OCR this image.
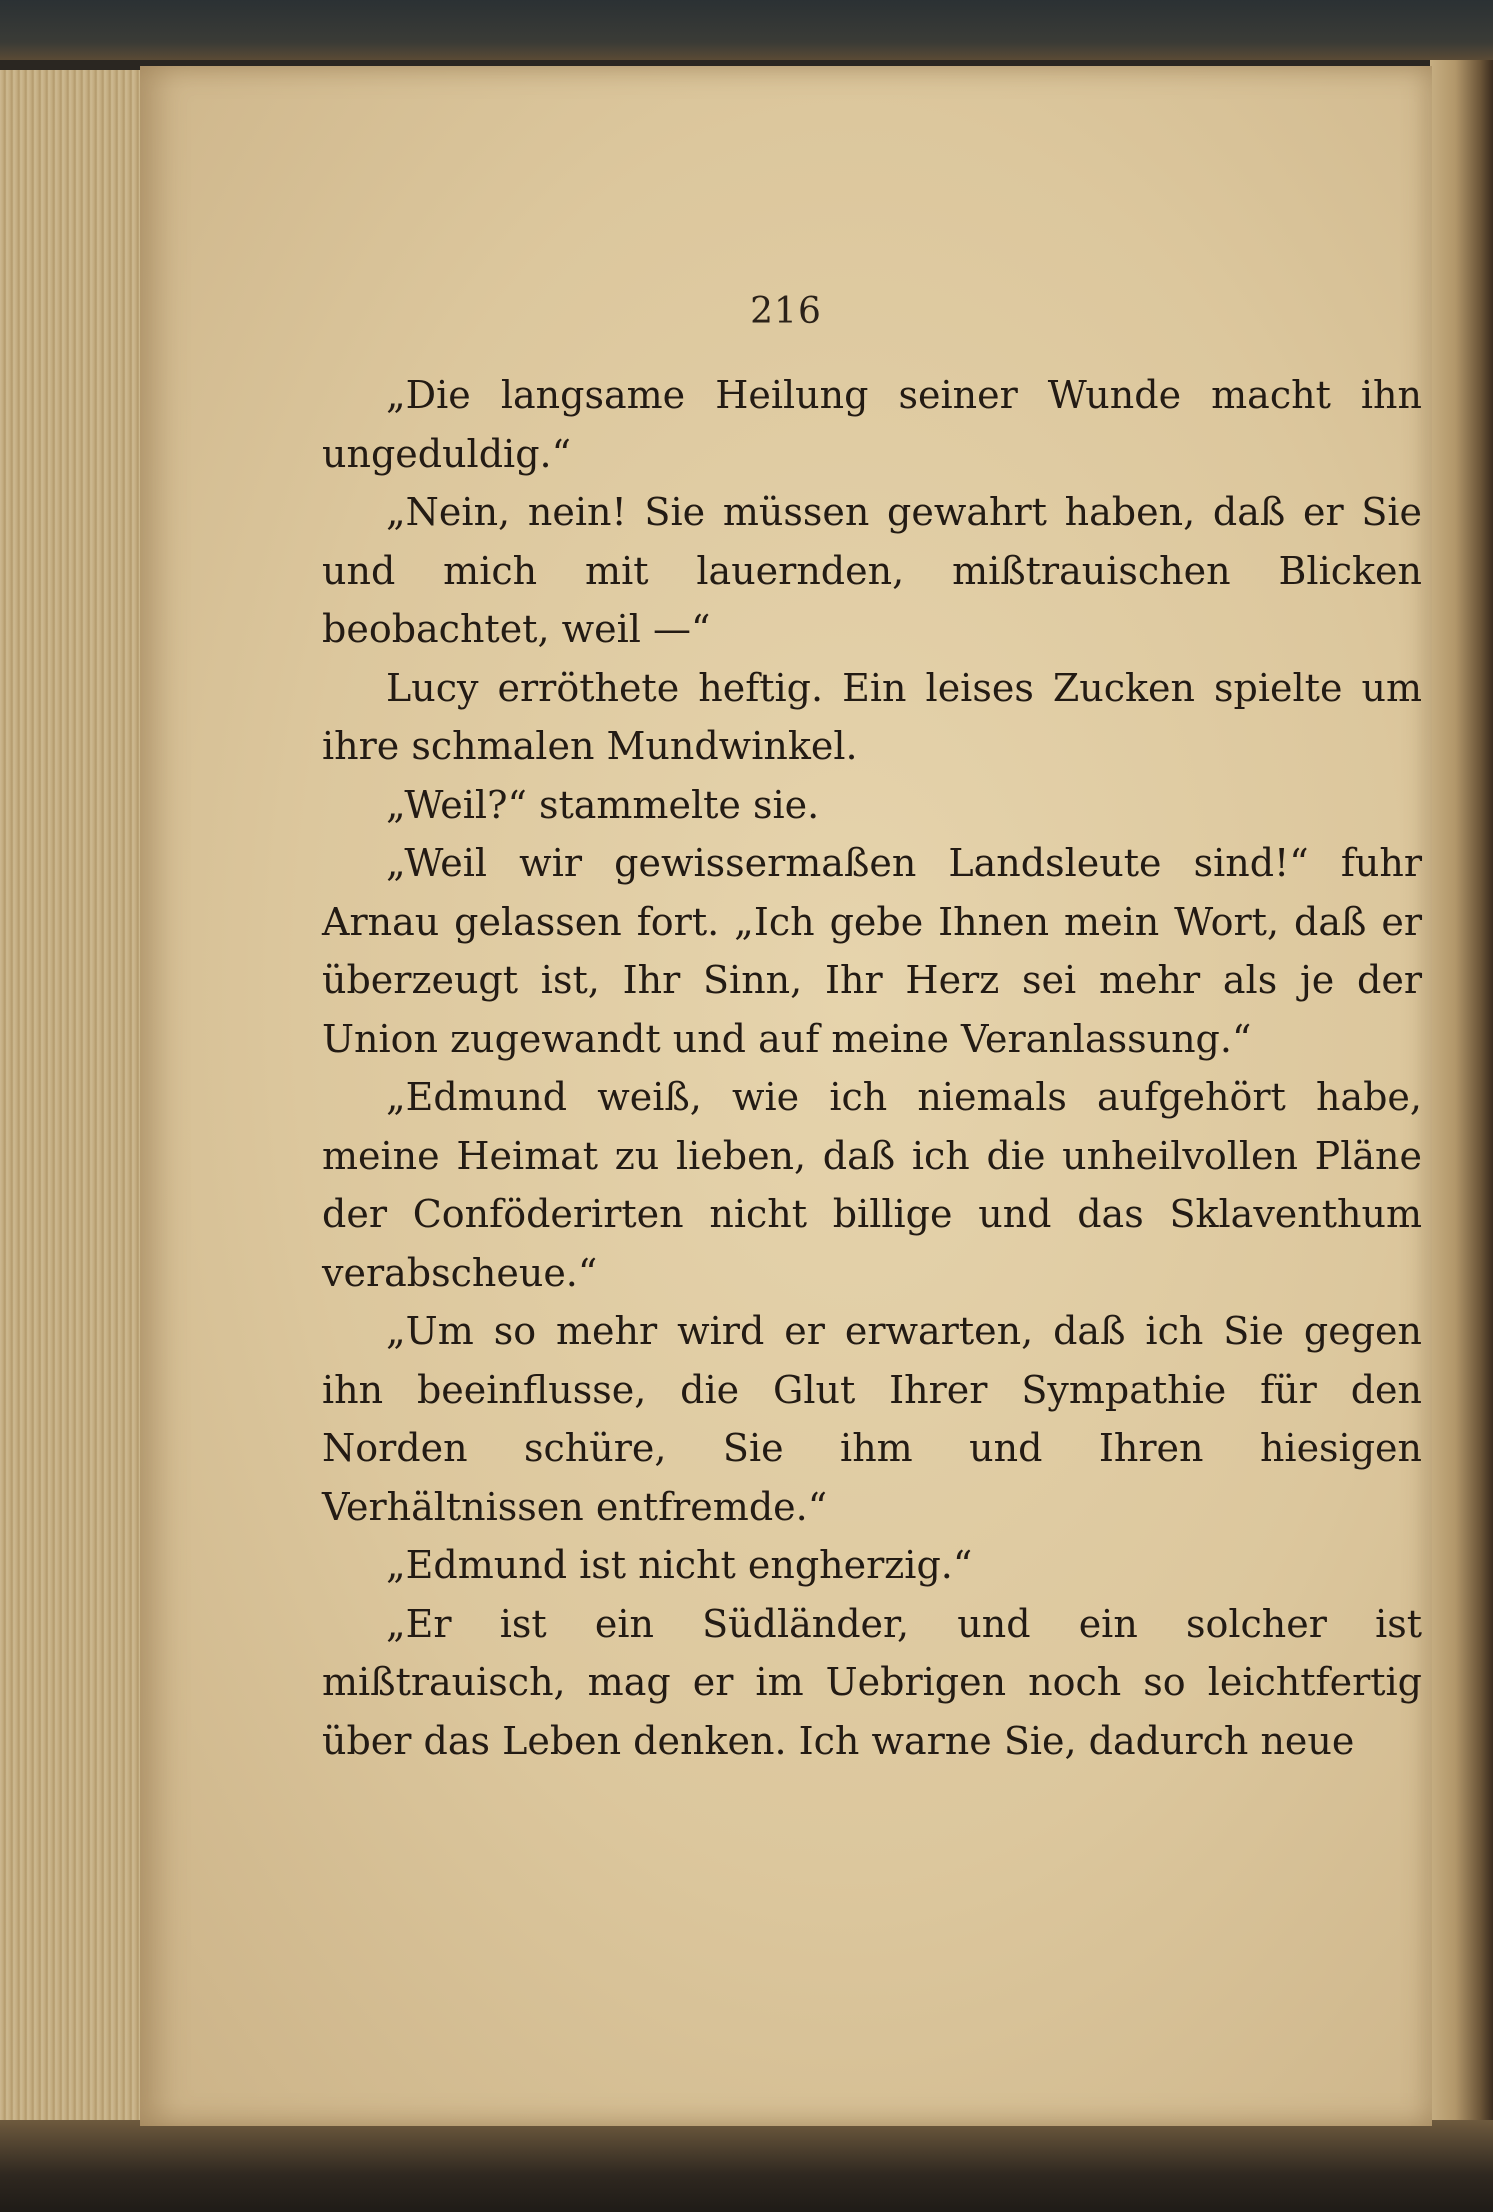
216

„Die langsame Heilung seiner Wunde macht ihn ungeduldig.“

„Nein, nein! Sie müssen gewahrt haben, daß er Sie und mich mit lauernden, mißtrauischen Blicken beobachtet, weil —“

Lucy erröthete heftig. Ein leises Zucken spielte um ihre schmalen Mundwinkel.

„Weil?“ stammelte sie.

„Weil wir gewissermaßen Landsleute sind!“ fuhr Arnau gelassen fort. „Ich gebe Ihnen mein Wort, daß er überzeugt ist, Ihr Sinn, Ihr Herz sei mehr als je der Union zugewandt und auf meine Veranlassung.“

„Edmund weiß, wie ich niemals aufgehört habe, meine Heimat zu lieben, daß ich die unheilvollen Pläne der Conföderirten nicht billige und das Sklaventhum verabscheue.“

„Um so mehr wird er erwarten, daß ich Sie gegen ihn beeinflusse, die Glut Ihrer Sympathie für den Norden schüre, Sie ihm und Ihren hiesigen Verhältnissen entfremde.“

„Edmund ist nicht engherzig.“

„Er ist ein Südländer, und ein solcher ist mißtrauisch, mag er im Uebrigen noch so leichtfertig über das Leben denken. Ich warne Sie, dadurch neue
